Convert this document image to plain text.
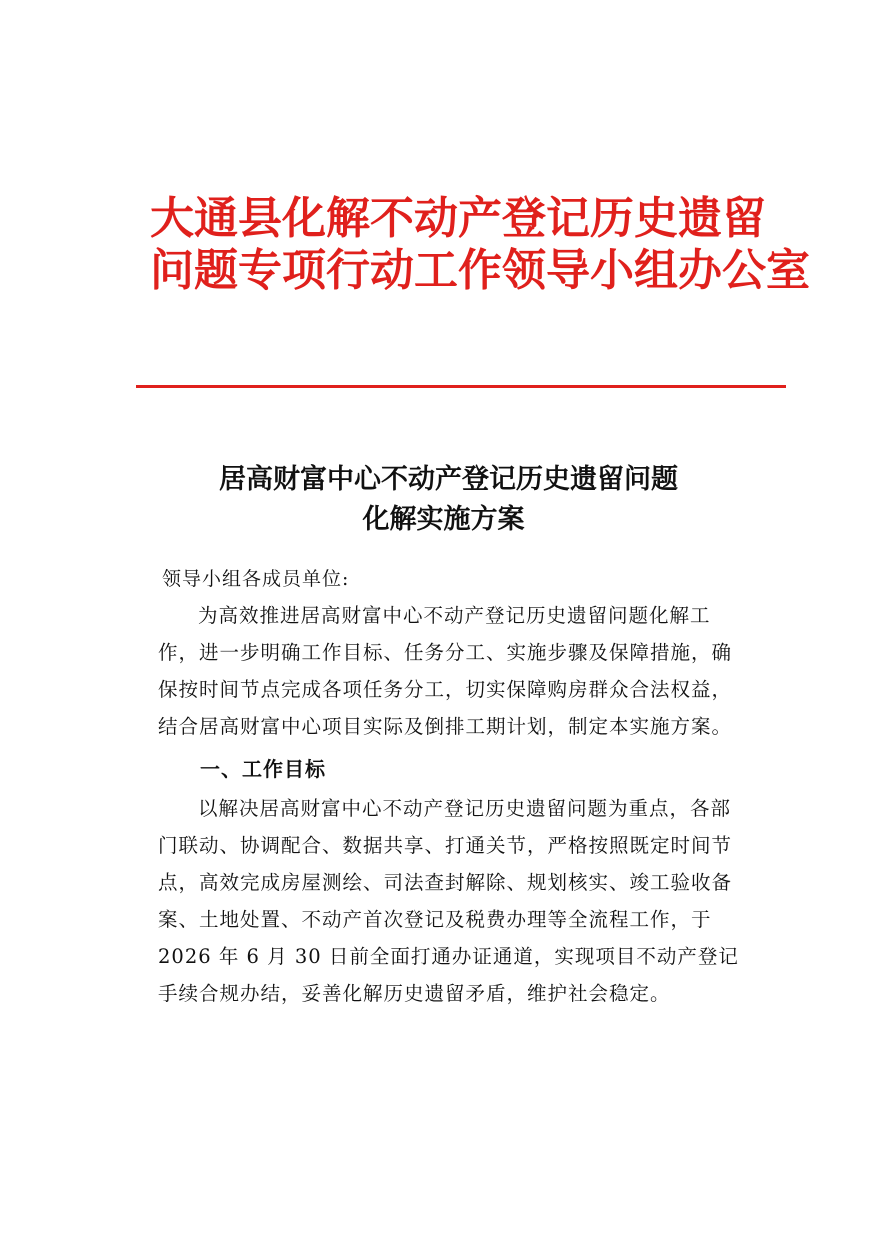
大通县化解不动产登记历史遗留
问题专项行动工作领导小组办公室
居高财富中心不动产登记历史遗留问题
化解实施方案
领导小组各成员单位:
为高效推进居高财富中心不动产登记历史遗留问题化解工
作，进一步明确工作目标、任务分工、实施步骤及保障措施，确
保按时间节点完成各项任务分工，切实保障购房群众合法权益，
结合居高财富中心项目实际及倒排工期计划，制定本实施方案。
一、工作目标
以解决居高财富中心不动产登记历史遗留问题为重点，各部
门联动、协调配合、数据共享、打通关节，严格按照既定时间节
点，高效完成房屋测绘、司法查封解除、规划核实、竣工验收备
案、土地处置、不动产首次登记及税费办理等全流程工作，于
2026 年 6 月 30 日前全面打通办证通道，实现项目不动产登记
手续合规办结，妥善化解历史遗留矛盾，维护社会稳定。
